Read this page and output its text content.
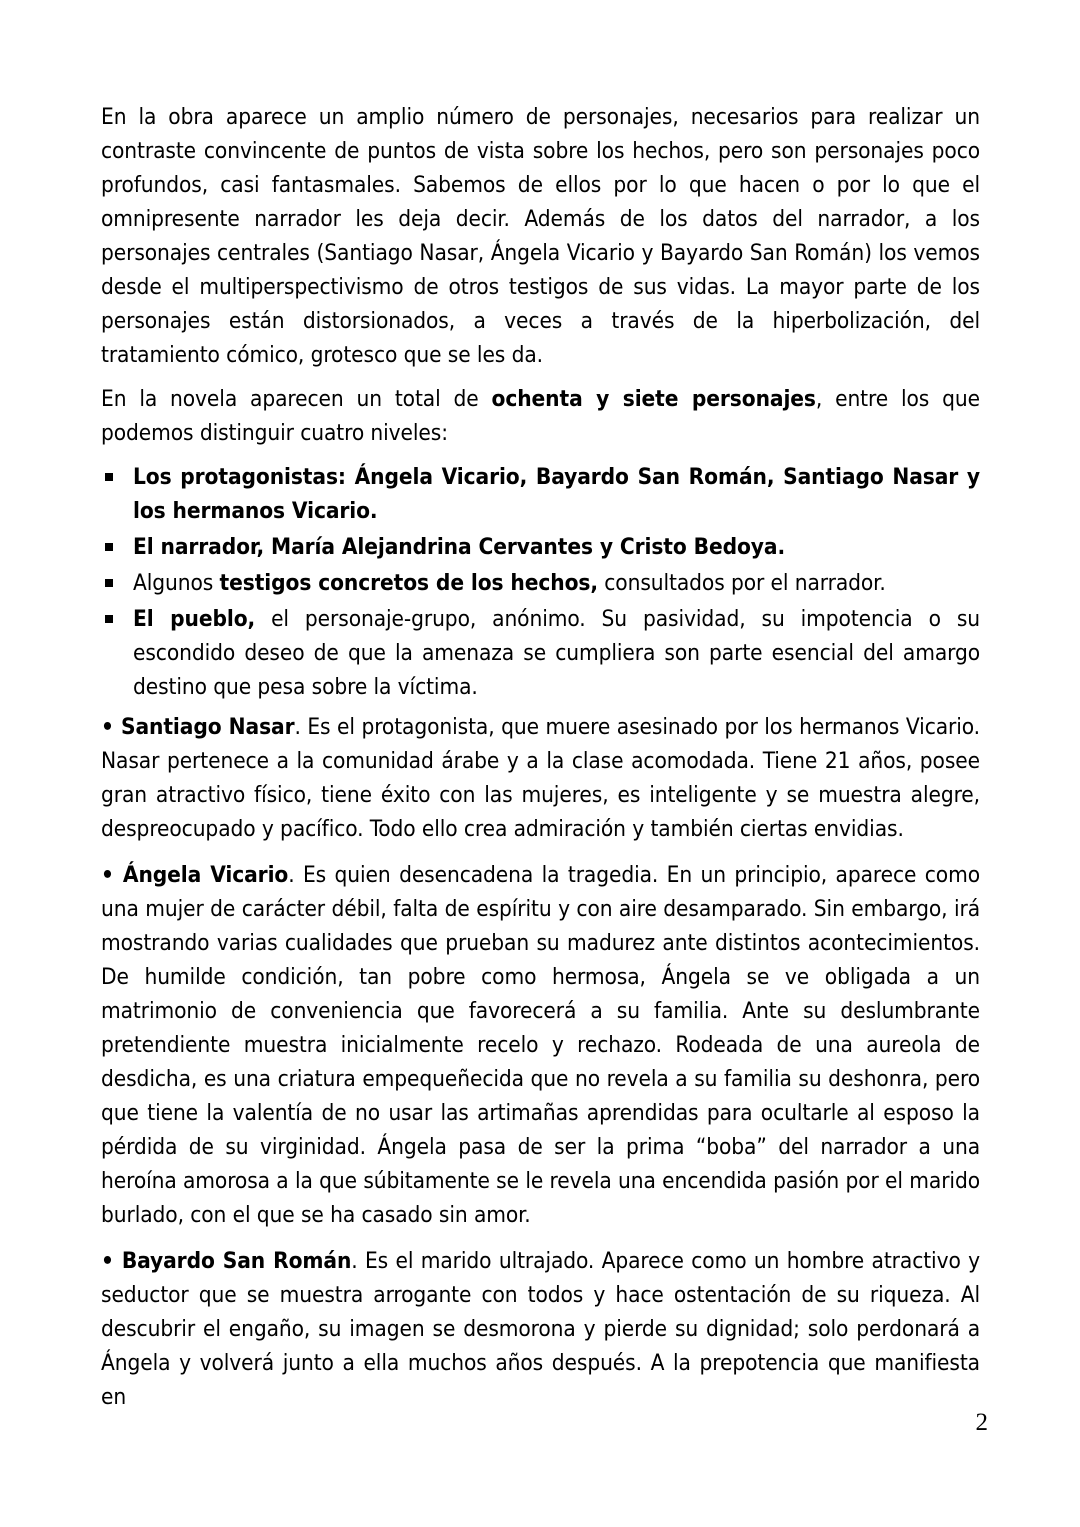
En la obra aparece un amplio número de personajes, necesarios para realizar un contraste convincente de puntos de vista sobre los hechos, pero son personajes poco profundos, casi fantasmales. Sabemos de ellos por lo que hacen o por lo que el omnipresente narrador les deja decir. Además de los datos del narrador, a los personajes centrales (Santiago Nasar, Ángela Vicario y Bayardo San Román) los vemos desde el multiperspectivismo de otros testigos de sus vidas. La mayor parte de los personajes están distorsionados, a veces a través de la hiperbolización, del tratamiento cómico, grotesco que se les da.

En la novela aparecen un total de ochenta y siete personajes, entre los que podemos distinguir cuatro niveles:

Los protagonistas: Ángela Vicario, Bayardo San Román, Santiago Nasar y los hermanos Vicario.
El narrador, María Alejandrina Cervantes y Cristo Bedoya.
Algunos testigos concretos de los hechos, consultados por el narrador.
El pueblo, el personaje-grupo, anónimo. Su pasividad, su impotencia o su escondido deseo de que la amenaza se cumpliera son parte esencial del amargo destino que pesa sobre la víctima.

• Santiago Nasar. Es el protagonista, que muere asesinado por los hermanos Vicario. Nasar pertenece a la comunidad árabe y a la clase acomodada. Tiene 21 años, posee gran atractivo físico, tiene éxito con las mujeres, es inteligente y se muestra alegre, despreocupado y pacífico. Todo ello crea admiración y también ciertas envidias.

• Ángela Vicario. Es quien desencadena la tragedia. En un principio, aparece como una mujer de carácter débil, falta de espíritu y con aire desamparado. Sin embargo, irá mostrando varias cualidades que prueban su madurez ante distintos acontecimientos. De humilde condición, tan pobre como hermosa, Ángela se ve obligada a un matrimonio de conveniencia que favorecerá a su familia. Ante su deslumbrante pretendiente muestra inicialmente recelo y rechazo. Rodeada de una aureola de desdicha, es una criatura empequeñecida que no revela a su familia su deshonra, pero que tiene la valentía de no usar las artimañas aprendidas para ocultarle al esposo la pérdida de su virginidad. Ángela pasa de ser la prima “boba” del narrador a una heroína amorosa a la que súbitamente se le revela una encendida pasión por el marido burlado, con el que se ha casado sin amor.

• Bayardo San Román. Es el marido ultrajado. Aparece como un hombre atractivo y seductor que se muestra arrogante con todos y hace ostentación de su riqueza. Al descubrir el engaño, su imagen se desmorona y pierde su dignidad; solo perdonará a Ángela y volverá junto a ella muchos años después. A la prepotencia que manifiesta en

2
